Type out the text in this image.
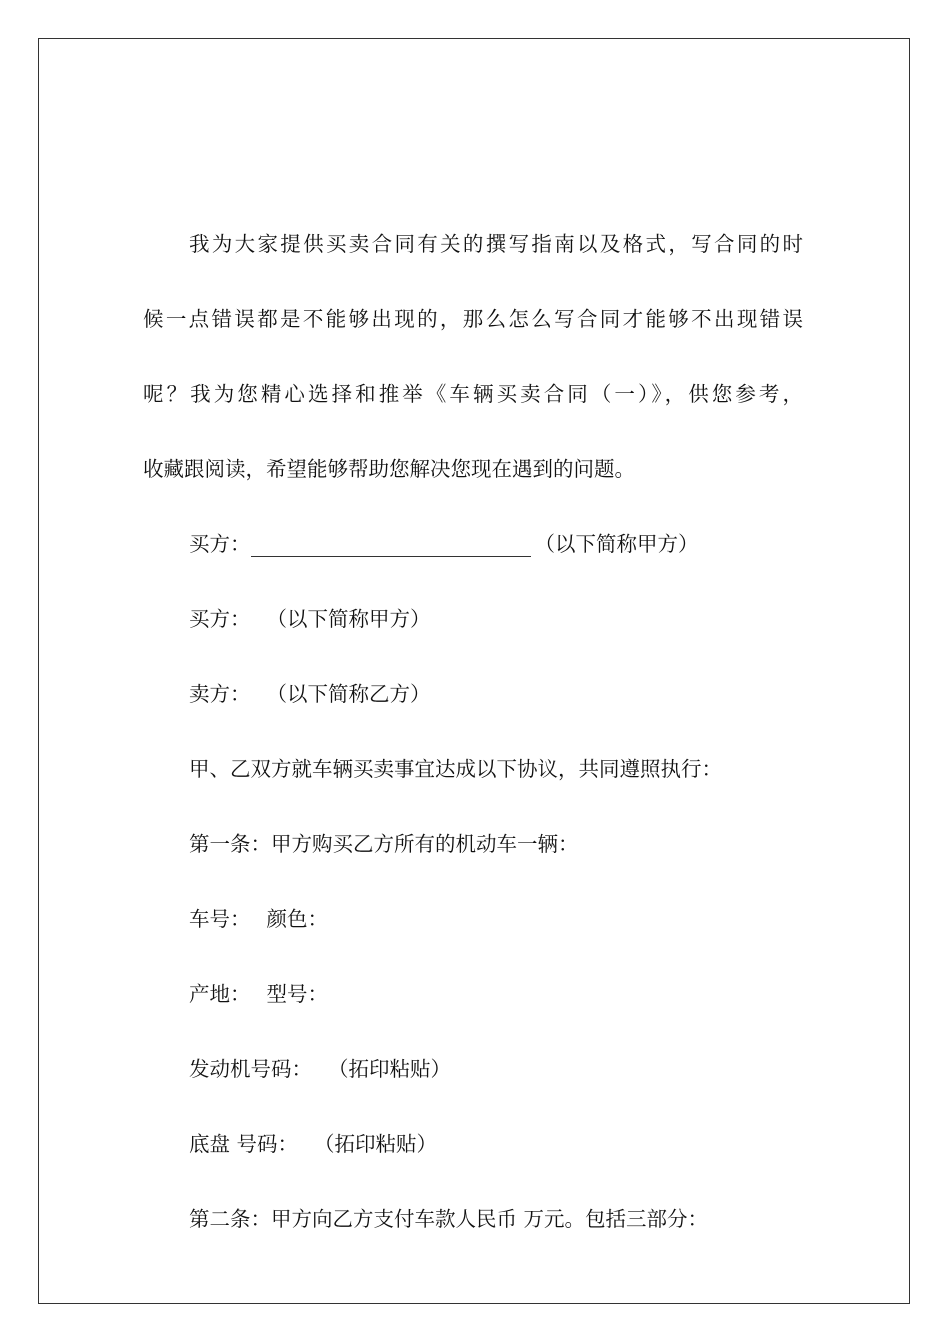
我为大家提供买卖合同有关的撰写指南以及格式，写合同的时

候一点错误都是不能够出现的，那么怎么写合同才能够不出现错误

呢？我为您精心选择和推举《车辆买卖合同（一）》，供您参考，

收藏跟阅读，希望能够帮助您解决您现在遇到的问题。

买方：	（以下简称甲方）

买方： （以下简称甲方）

卖方： （以下简称乙方）

甲、乙双方就车辆买卖事宜达成以下协议，共同遵照执行：

第一条：甲方购买乙方所有的机动车一辆：

车号： 颜色：

产地： 型号：

发动机号码： （拓印粘贴）

底盘 号码： （拓印粘贴）

第二条：甲方向乙方支付车款人民币 万元。包括三部分：
